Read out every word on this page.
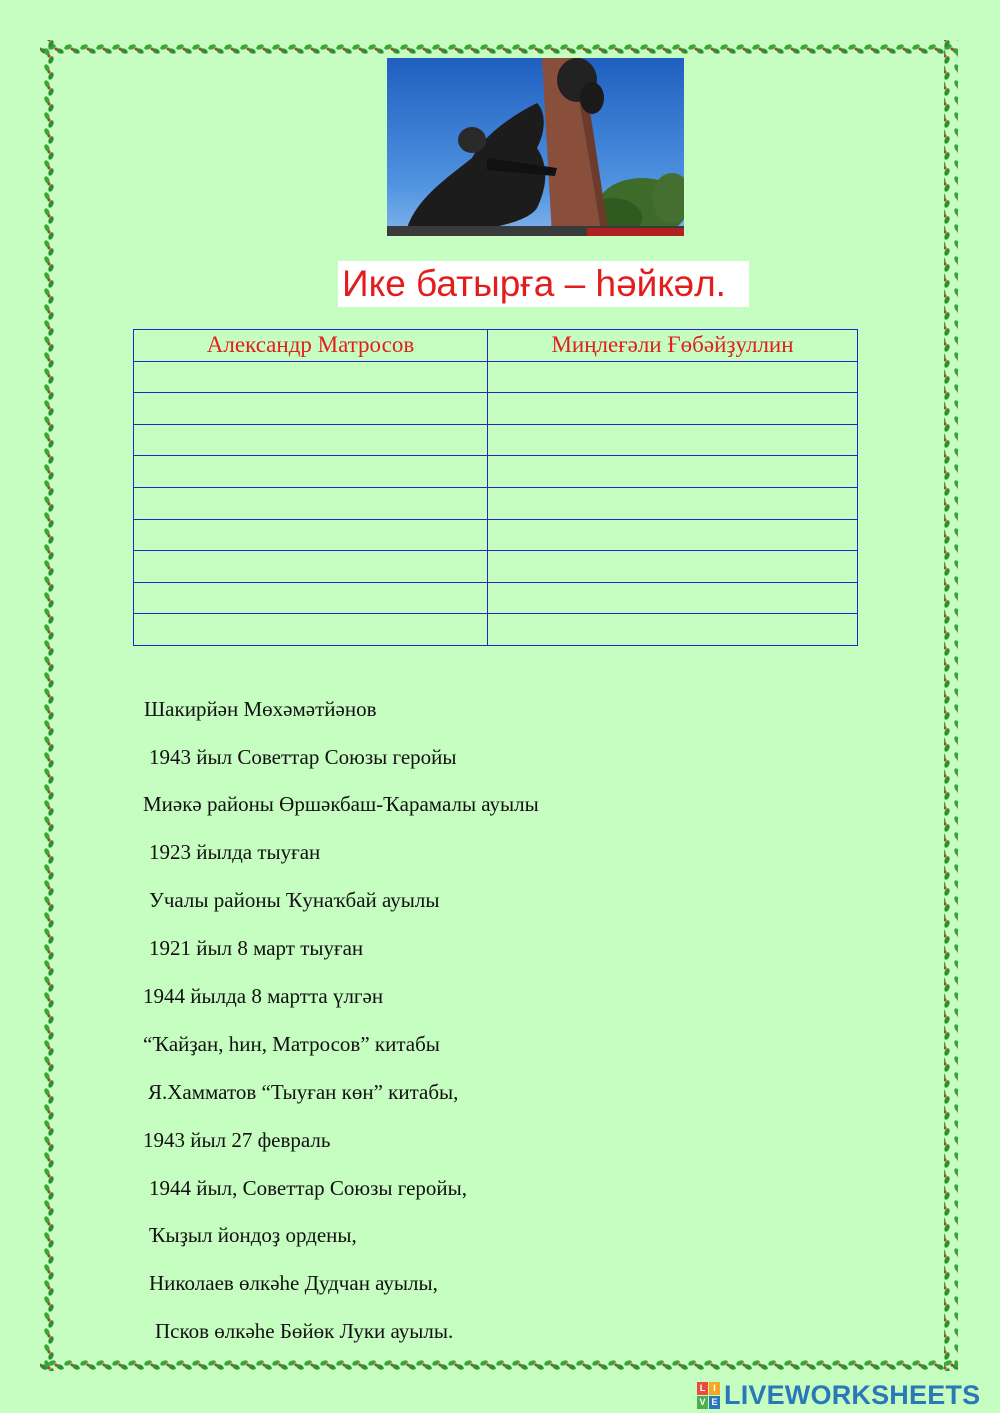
Ике батырға – һәйкәл.
Александр Матросов	Миңлеғәли Ғөбәйҙуллин

Шакирйән Мөхәмәтйәнов
1943 йыл Советтар Союзы геройы
Миәкә районы Өршәкбаш-Ҡарамалы ауылы
1923 йылда тыуған
Учалы районы Ҡунаҡбай ауылы
1921 йыл 8 март тыуған
1944 йылда 8 мартта үлгән
“Ҡайҙан, һин, Матросов” китабы
Я.Хамматов “Тыуған көн” китабы,
1943 йыл 27 февраль
1944 йыл, Советтар Союзы геройы,
Ҡыҙыл йондоҙ ордены,
Николаев өлкәһе Дудчан ауылы,
Псков өлкәһе Бөйөк Луки ауылы.
L I
V E LIVEWORKSHEETS
